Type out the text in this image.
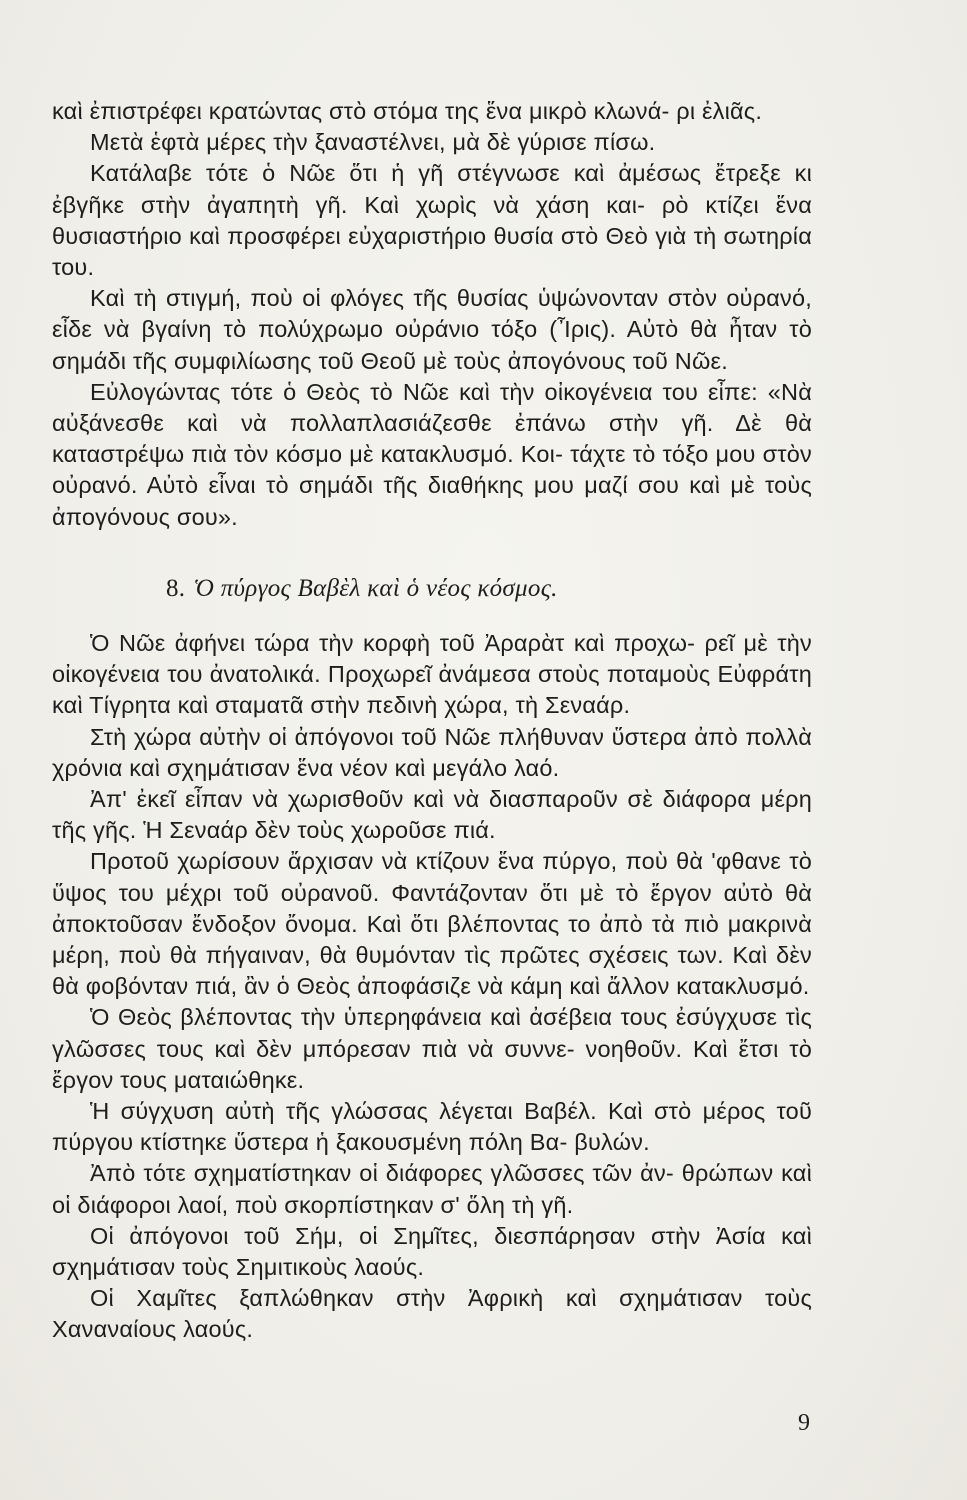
καὶ ἐπιστρέφει κρατώντας στὸ στόμα της ἕνα μικρὸ κλωνά- ρι ἐλιᾶς.

Μετὰ ἑφτὰ μέρες τὴν ξαναστέλνει, μὰ δὲ γύρισε πίσω.

Κατάλαβε τότε ὁ Νῶε ὅτι ἡ γῆ στέγνωσε καὶ ἀμέσως ἔτρεξε κι ἐβγῆκε στὴν ἀγαπητὴ γῆ. Καὶ χωρὶς νὰ χάση και- ρὸ κτίζει ἕνα θυσιαστήριο καὶ προσφέρει εὐχαριστήριο θυσία στὸ Θεὸ γιὰ τὴ σωτηρία του.

Καὶ τὴ στιγμή, ποὺ οἱ φλόγες τῆς θυσίας ὑψώνονταν στὸν οὐρανό, εἶδε νὰ βγαίνη τὸ πολύχρωμο οὐράνιο τόξο (Ἶρις). Αὐτὸ θὰ ἦταν τὸ σημάδι τῆς συμφιλίωσης τοῦ Θεοῦ μὲ τοὺς ἀπογόνους τοῦ Νῶε.

Εὐλογώντας τότε ὁ Θεὸς τὸ Νῶε καὶ τὴν οἰκογένεια του εἶπε: «Νὰ αὐξάνεσθε καὶ νὰ πολλαπλασιάζεσθε ἐπάνω στὴν γῆ. Δὲ θὰ καταστρέψω πιὰ τὸν κόσμο μὲ κατακλυσμό. Κοι- τάχτε τὸ τόξο μου στὸν οὐρανό. Αὐτὸ εἶναι τὸ σημάδι τῆς διαθήκης μου μαζί σου καὶ μὲ τοὺς ἀπογόνους σου».

8. Ὁ πύργος Βαβὲλ καὶ ὁ νέος κόσμος.

Ὁ Νῶε ἀφήνει τώρα τὴν κορφὴ τοῦ Ἀραρὰτ καὶ προχω- ρεῖ μὲ τὴν οἰκογένεια του ἀνατολικά. Προχωρεῖ ἀνάμεσα στοὺς ποταμοὺς Εὐφράτη καὶ Τίγρητα καὶ σταματᾶ στὴν πεδινὴ χώρα, τὴ Σεναάρ.

Στὴ χώρα αὐτὴν οἱ ἀπόγονοι τοῦ Νῶε πλήθυναν ὕστερα ἀπὸ πολλὰ χρόνια καὶ σχημάτισαν ἕνα νέον καὶ μεγάλο λαό.

Ἀπ' ἐκεῖ εἶπαν νὰ χωρισθοῦν καὶ νὰ διασπαροῦν σὲ διάφορα μέρη τῆς γῆς. Ἡ Σεναάρ δὲν τοὺς χωροῦσε πιά.

Προτοῦ χωρίσουν ἄρχισαν νὰ κτίζουν ἕνα πύργο, ποὺ θὰ 'φθανε τὸ ὕψος του μέχρι τοῦ οὐρανοῦ. Φαντάζονταν ὅτι μὲ τὸ ἔργον αὐτὸ θὰ ἀποκτοῦσαν ἔνδοξον ὄνομα. Καὶ ὅτι βλέποντας το ἀπὸ τὰ πιὸ μακρινὰ μέρη, ποὺ θὰ πήγαιναν, θὰ θυμόνταν τὶς πρῶτες σχέσεις των. Καὶ δὲν θὰ φοβόνταν πιά, ἂν ὁ Θεὸς ἀποφάσιζε νὰ κάμη καὶ ἄλλον κατακλυσμό.

Ὁ Θεὸς βλέποντας τὴν ὑπερηφάνεια καὶ ἀσέβεια τους ἐσύγχυσε τὶς γλῶσσες τους καὶ δὲν μπόρεσαν πιὰ νὰ συννε- νοηθοῦν. Καὶ ἔτσι τὸ ἔργον τους ματαιώθηκε.

Ἡ σύγχυση αὐτὴ τῆς γλώσσας λέγεται Βαβέλ. Καὶ στὸ μέρος τοῦ πύργου κτίστηκε ὕστερα ἡ ξακουσμένη πόλη Βα- βυλών.

Ἀπὸ τότε σχηματίστηκαν οἱ διάφορες γλῶσσες τῶν ἀν- θρώπων καὶ οἱ διάφοροι λαοί, ποὺ σκορπίστηκαν σ' ὅλη τὴ γῆ.

Οἱ ἀπόγονοι τοῦ Σήμ, οἱ Σημῖτες, διεσπάρησαν στὴν Ἀσία καὶ σχημάτισαν τοὺς Σημιτικοὺς λαούς.

Οἱ Χαμῖτες ξαπλώθηκαν στὴν Ἀφρικὴ καὶ σχημάτισαν τοὺς Χαναναίους λαούς.

9
